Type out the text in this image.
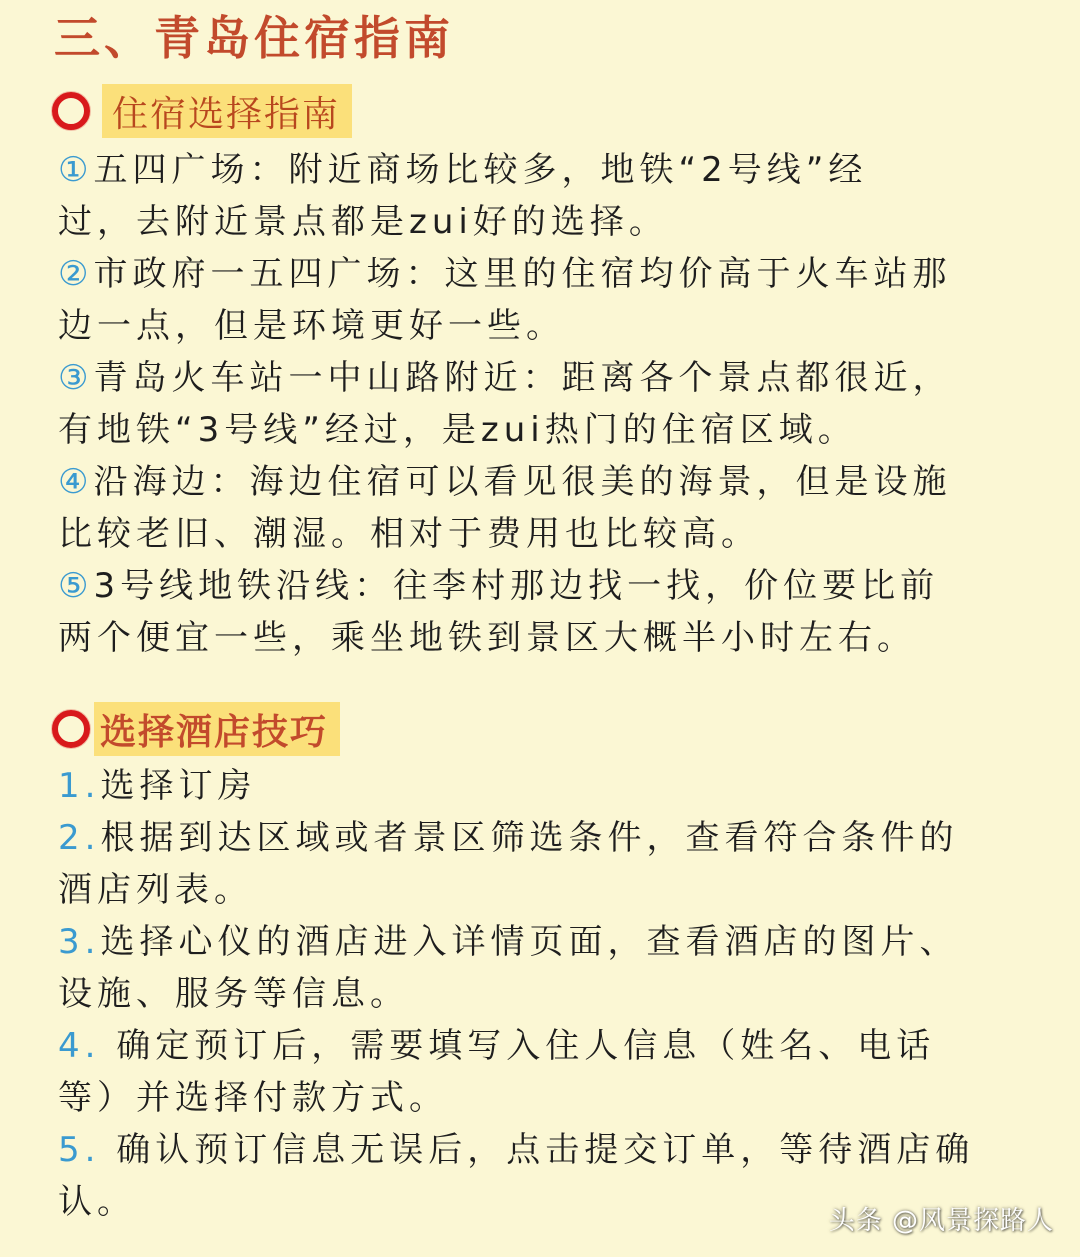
三、青岛住宿指南
住宿选择指南
①五四广场：附近商场比较多，地铁“2号线”经
过，去附近景点都是zui好的选择。
②市政府一五四广场：这里的住宿均价高于火车站那
边一点，但是环境更好一些。
③青岛火车站一中山路附近：距离各个景点都很近，
有地铁“3号线”经过，是zui热门的住宿区域。
④沿海边：海边住宿可以看见很美的海景，但是设施
比较老旧、潮湿。相对于费用也比较高。
⑤3号线地铁沿线：往李村那边找一找，价位要比前
两个便宜一些，乘坐地铁到景区大概半小时左右。
选择酒店技巧
1.选择订房
2.根据到达区域或者景区筛选条件，查看符合条件的
酒店列表。
3.选择心仪的酒店进入详情页面，查看酒店的图片、
设施、服务等信息。
4. 确定预订后，需要填写入住人信息（姓名、电话
等）并选择付款方式。
5. 确认预订信息无误后，点击提交订单，等待酒店确
认。	头条 @风景探路人
